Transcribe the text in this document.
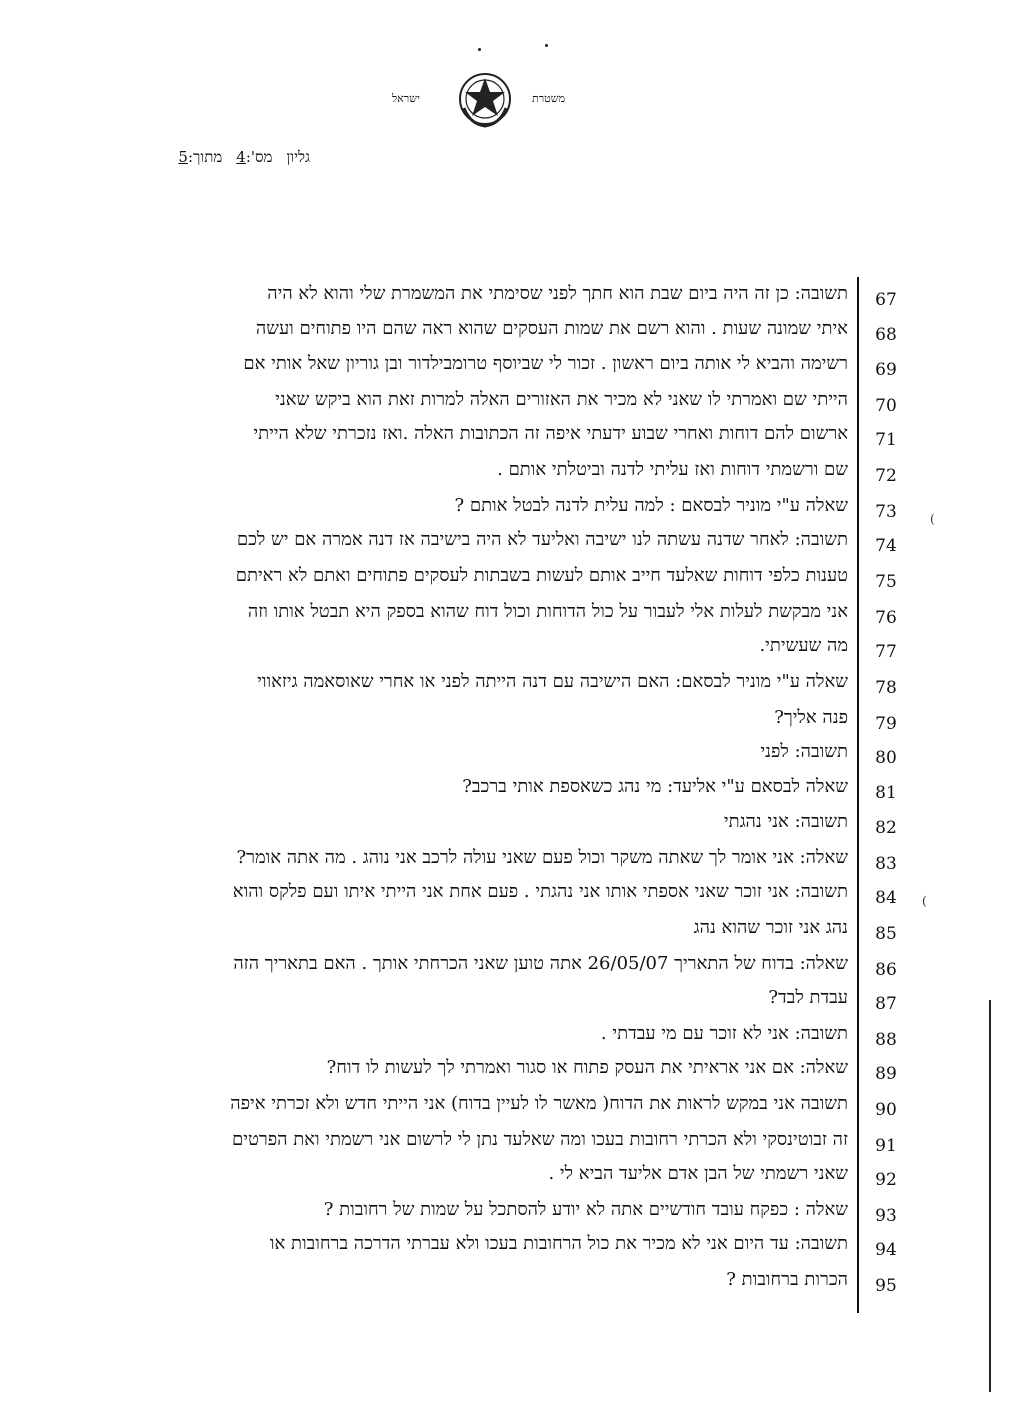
ישראל	משטרת
גליון
מס':4
מתוך:5
תשובה: כן זה היה ביום שבת הוא חתך לפני שסימתי את המשמרת שלי והוא לא היה	67
איתי שמונה שעות . והוא רשם את שמות העסקים שהוא ראה שהם היו פתוחים ועשה	68
רשימה והביא לי אותה ביום ראשון . זכור לי שביוסף טרומבילדור ובן גוריון שאל אותי אם	69
הייתי שם ואמרתי לו שאני לא מכיר את האזורים האלה למרות זאת הוא ביקש שאני	70
ארשום להם דוחות ואחרי שבוע ידעתי איפה זה הכתובות האלה .ואז נזכרתי שלא הייתי	71
שם ורשמתי דוחות ואז עליתי לדנה וביטלתי אותם .	72
שאלה ע"י מוניר לבסאם : למה עלית לדנה לבטל אותם ?	73
תשובה: לאחר שדנה עשתה לנו ישיבה ואליעד לא היה בישיבה אז דנה אמרה אם יש לכם	74
טענות כלפי דוחות שאלעד חייב אותם לעשות בשבתות לעסקים פתוחים ואתם לא ראיתם	75
אני מבקשת לעלות אלי לעבור על כול הדוחות וכול דוח שהוא בספק היא תבטל אותו וזה	76
מה שעשיתי.	77
שאלה ע"י מוניר לבסאם: האם הישיבה עם דנה הייתה לפני או אחרי שאוסאמה גיזאווי	78
פנה אליך?	79
תשובה: לפני	80
שאלה לבסאם ע"י אליעד: מי נהג כשאספת אותי ברכב?	81
תשובה: אני נהגתי	82
שאלה: אני אומר לך שאתה משקר וכול פעם שאני עולה לרכב אני נוהג . מה אתה אומר?	83
תשובה: אני זוכר שאני אספתי אותו אני נהגתי . פעם אחת אני הייתי איתו ועם פלקס והוא	84
נהג אני זוכר שהוא נהג	85
שאלה: בדוח של התאריך 26/05/07 אתה טוען שאני הכרחתי אותך . האם בתאריך הזה	86
עבדת לבד?	87
תשובה: אני לא זוכר עם מי עבדתי .	88
שאלה: אם אני אראיתי את העסק פתוח או סגור ואמרתי לך לעשות לו דוח?	89
תשובה אני במקש לראות את הדוח( מאשר לו לעיין בדוח) אני הייתי חדש ולא זכרתי איפה	90
זה זבוטינסקי ולא הכרתי רחובות בעכו ומה שאלעד נתן לי לרשום אני רשמתי ואת הפרטים	91
שאני רשמתי של הבן אדם אליעד הביא לי .	92
שאלה : כפקח עובד חודשיים אתה לא יודע להסתכל על שמות של רחובות ?	93
תשובה: עד היום אני לא מכיר את כול הרחובות בעכו ולא עברתי הדרכה ברחובות או	94
הכרות ברחובות ?	95
(
(
